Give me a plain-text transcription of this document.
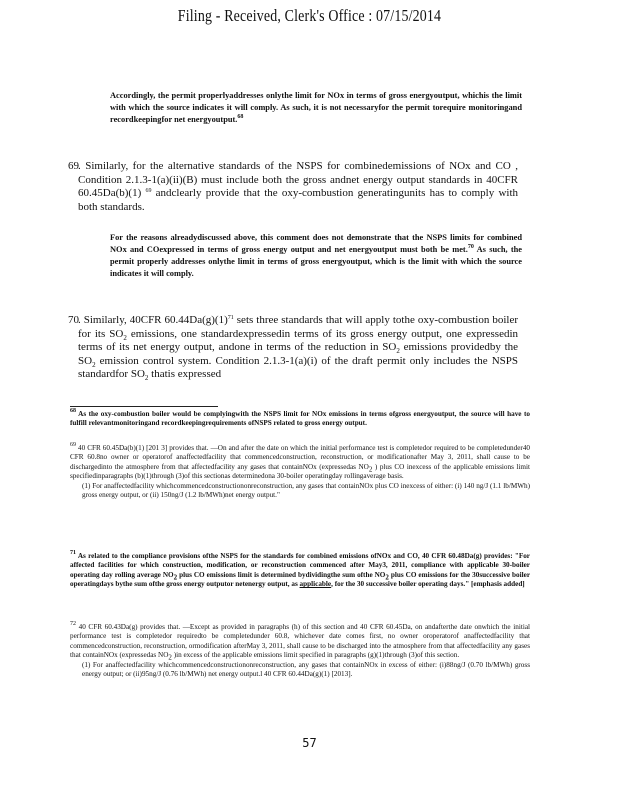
Filing - Received, Clerk's Office : 07/15/2014
Accordingly, the permit properlyaddresses onlythe limit for NOx in terms of gross energyoutput, whichis the limit with which the source indicates it will comply. As such, it is not necessaryfor the permit torequire monitoringand recordkeepingfor net energyoutput.$^{68}$
69 . Similarly, for the alternative standards of the NSPS for combinedemissions of NOx and CO , Condition 2.1.3-1(a)(ii)(B) must include both the gross andnet energy output standards in 40CFR 60.45Da(b)(1) $^{69}$ andclearly provide that the oxy-combustion generatingunits has to comply with both standards.
For the reasons alreadydiscussed above, this comment does not demonstrate that the NSPS limits for combined NOx and COexpressed in terms of gross energy output and net energyoutput must both be met.$^{70}$ As such, the permit properly addresses onlythe limit in terms of gross energyoutput, which is the limit with which the source indicates it will comply.
70 . Similarly, 40CFR $60.44Da(g)(1)^{71}$ sets three standards that will apply tothe oxy-combustion boiler for its $SO_2$ emissions, one standardexpressedin terms of its gross energy output, one expressedin terms of its net energy output, andone in terms of the reduction in $SO_2$ emissions providedby the $SO_2$ emission control system. Condition 2.1.3-1(a)(i) of the draft permit only includes the NSPS standardfor $SO_2$ thatis expressed
$^{68}$ As the oxy-combustion boiler would be complyingwith the NSPS limit for NOx emissions in terms ofgross energyoutput, the source will have to fulfill relevantmonitoringand recordkeepingrequirements ofNSPS related to gross energy output.
$^{69}$ 40 CFR 60.45Da(b)(1) [201 3] provides that. —On and after the date on which the initial performance test is completedor required to be completedunder40 CFR 60.8no owner or operatorof anaffectedfacility that commencedconstruction, reconstruction, or modificationafter May 3, 2011, shall cause to be dischargedinto the atmosphere from that affectedfacility any gases that containNOx (expressedas $NO_2$ ) plus CO inexcess of the applicable emissions limit specifiedinparagraphs (b)(1)through (3)of this sectionas determinedona 30-boiler operatingday rollingaverage basis.
(1) For anaffectedfacility whichcommencedconstructiononreconstruction, any gases that containNOx plus CO inexcess of either: (i) 140 ng/J (1.1 lb/MWh) gross energy output, or (ii) 150ng/J (1.2 lb/MWh)net energy output."
$^{71}$ As related to the compliance provisions ofthe NSPS for the standards for combined emissions ofNOx and CO, 40 CFR 60.48Da(g) provides: "For affected facilities for which construction, modification, or reconstruction commenced after May3, 2011, compliance with applicable 30-boiler operating day rolling average $NO_2$ plus CO emissions limit is determined bydividingthe sum ofthe $NO_2$ plus CO emissions for the 30successive boiler operatingdays bythe sum ofthe gross energy outputor netenergy output, as applicable, for the 30 successive boiler operating days." [emphasis added]
$^{72}$ 40 CFR 60.43Da(g) provides that. —Except as provided in paragraphs (h) of this section and 40 CFR 60.45Da, on andafterthe date onwhich the initial performance test is completedor requiredto be completedunder 60.8, whichever date comes first, no owner oroperatorof anaffectedfacility that commencedconstruction, reconstruction, ormodification afterMay 3, 2011, shall cause to be discharged into the atmosphere from that affectedfacility any gases that containNOx (expressedas $NO_2$ )in excess of the applicable emissions limit specified in paragraphs (g)(1)through (3)of this section.
(1) For anaffectedfacility whichcommencedconstructiononreconstruction, any gases that containNOx in excess of either: (i)88ng/J (0.70 lb/MWh) gross energy output; or (ii)95ng/J (0.76 lb/MWh) net energy output.l 40 CFR 60.44Da(g)(1) [2013].
57
